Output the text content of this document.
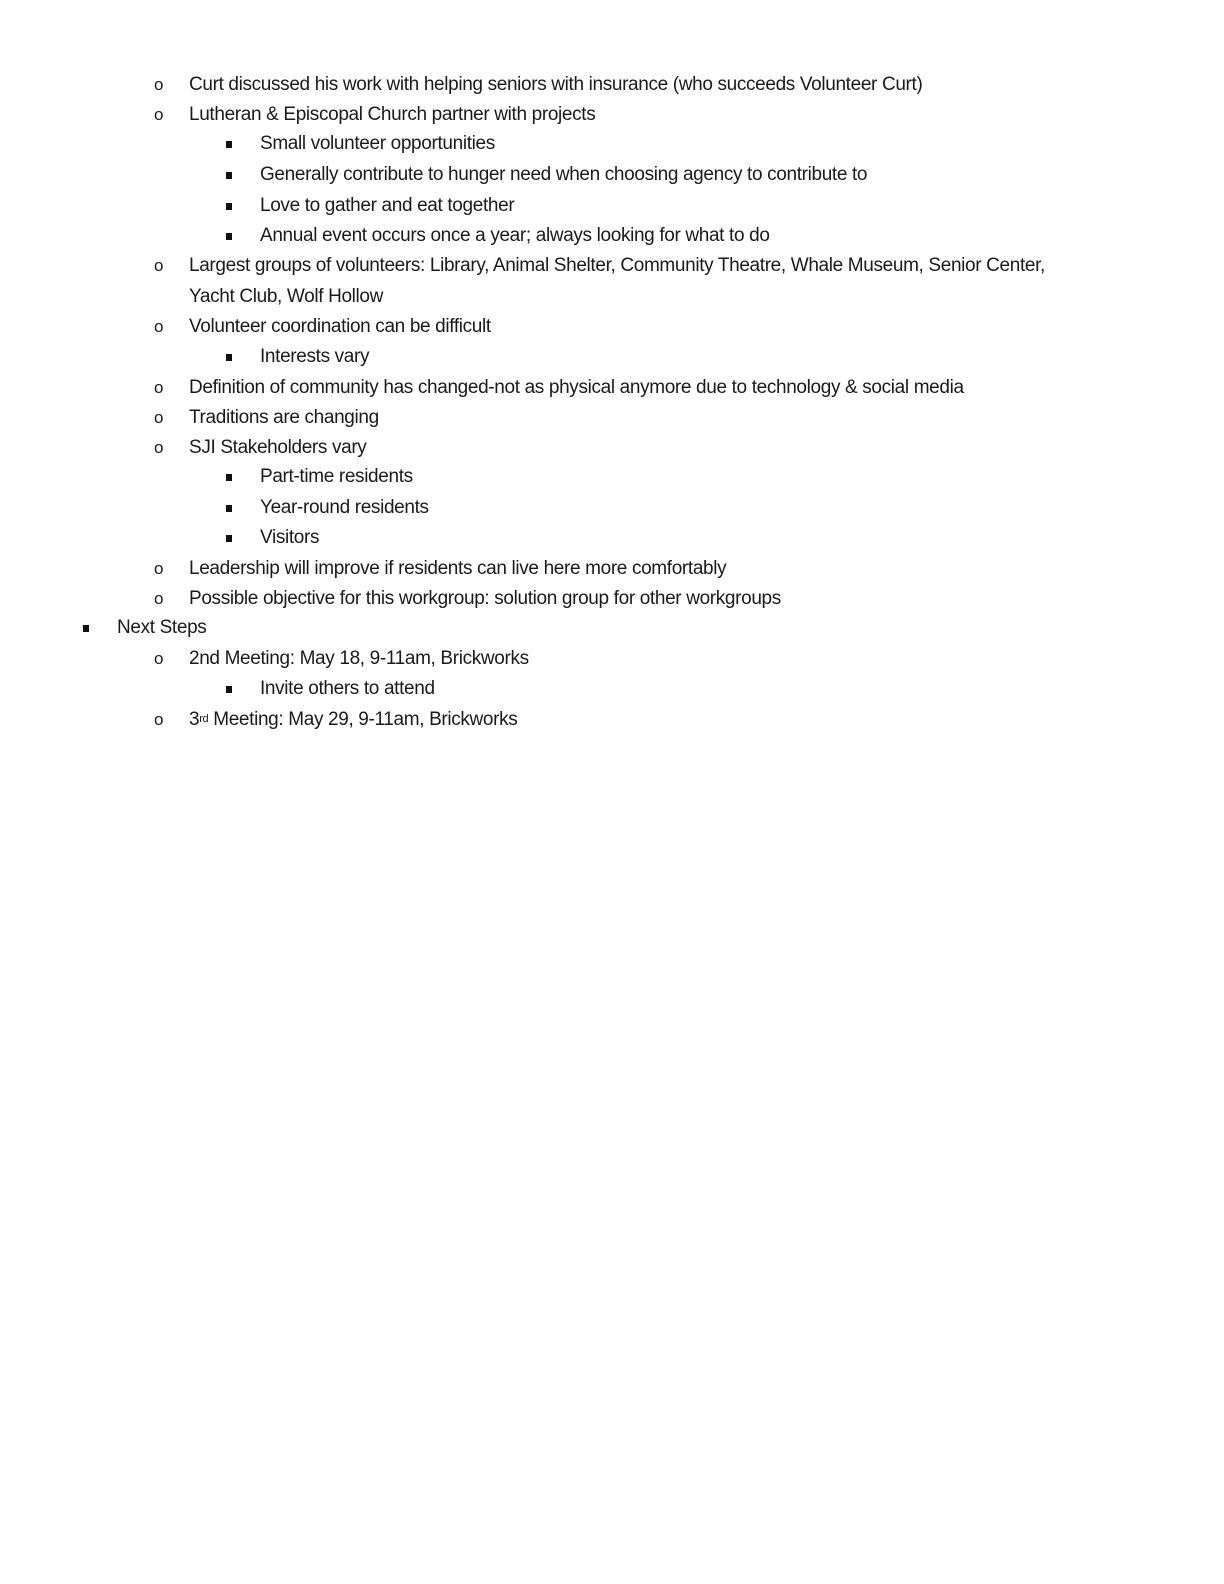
o Curt discussed his work with helping seniors with insurance (who succeeds Volunteer Curt)
o Lutheran & Episcopal Church partner with projects
Small volunteer opportunities
Generally contribute to hunger need when choosing agency to contribute to
Love to gather and eat together
Annual event occurs once a year; always looking for what to do
o Largest groups of volunteers: Library, Animal Shelter, Community Theatre, Whale Museum, Senior Center,
Yacht Club, Wolf Hollow
o Volunteer coordination can be difficult
Interests vary
o Definition of community has changed-not as physical anymore due to technology & social media
o Traditions are changing
o SJI Stakeholders vary
Part-time residents
Year-round residents
Visitors
o Leadership will improve if residents can live here more comfortably
o Possible objective for this workgroup: solution group for other workgroups
Next Steps
o 2nd Meeting: May 18, 9-11am, Brickworks
Invite others to attend
o 3rd Meeting: May 29, 9-11am, Brickworks
